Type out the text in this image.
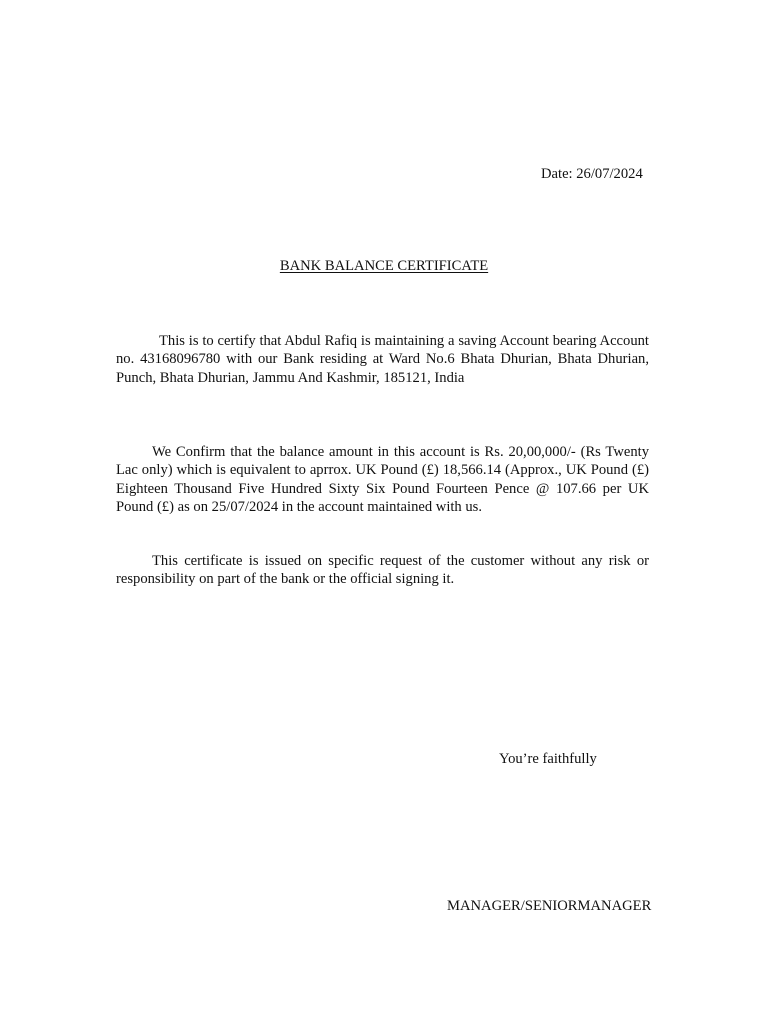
Date: 26/07/2024
BANK BALANCE CERTIFICATE

This is to certify that Abdul Rafiq is maintaining a saving Account bearing Account no. 43168096780 with our Bank residing at Ward No.6 Bhata Dhurian, Bhata Dhurian, Punch, Bhata Dhurian, Jammu And Kashmir, 185121, India

We Confirm that the balance amount in this account is Rs. 20,00,000/- (Rs Twenty Lac only) which is equivalent to aprrox. UK Pound (£) 18,566.14 (Approx., UK Pound (£) Eighteen Thousand Five Hundred Sixty Six Pound Fourteen Pence @ 107.66 per UK Pound (£) as on 25/07/2024 in the account maintained with us.

This certificate is issued on specific request of the customer without any risk or responsibility on part of the bank or the official signing it.

You’re faithfully
MANAGER/SENIORMANAGER
